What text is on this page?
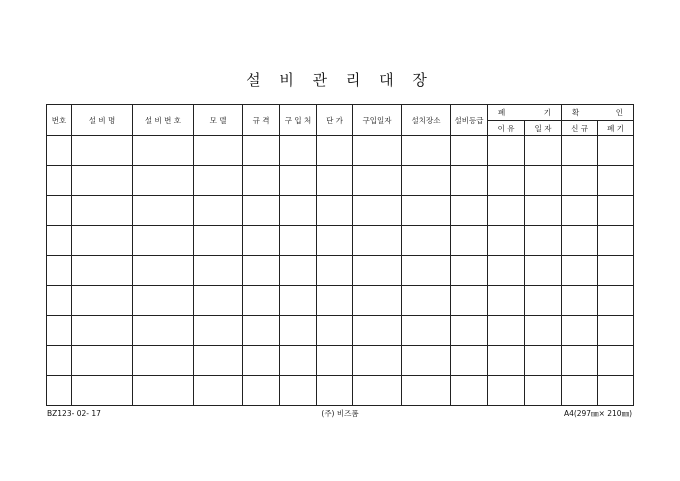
설 비 관 리 대 장
번호	설 비 명	설 비 번 호	모 델	규 격	구 입 처	단 가	구입일자	설치장소	설비등급	폐 기		확 인	

										이 유	일 자	신 규	폐 기

BZ123- 02- 17	(주) 비즈폼	A4(297㎜× 210㎜)
